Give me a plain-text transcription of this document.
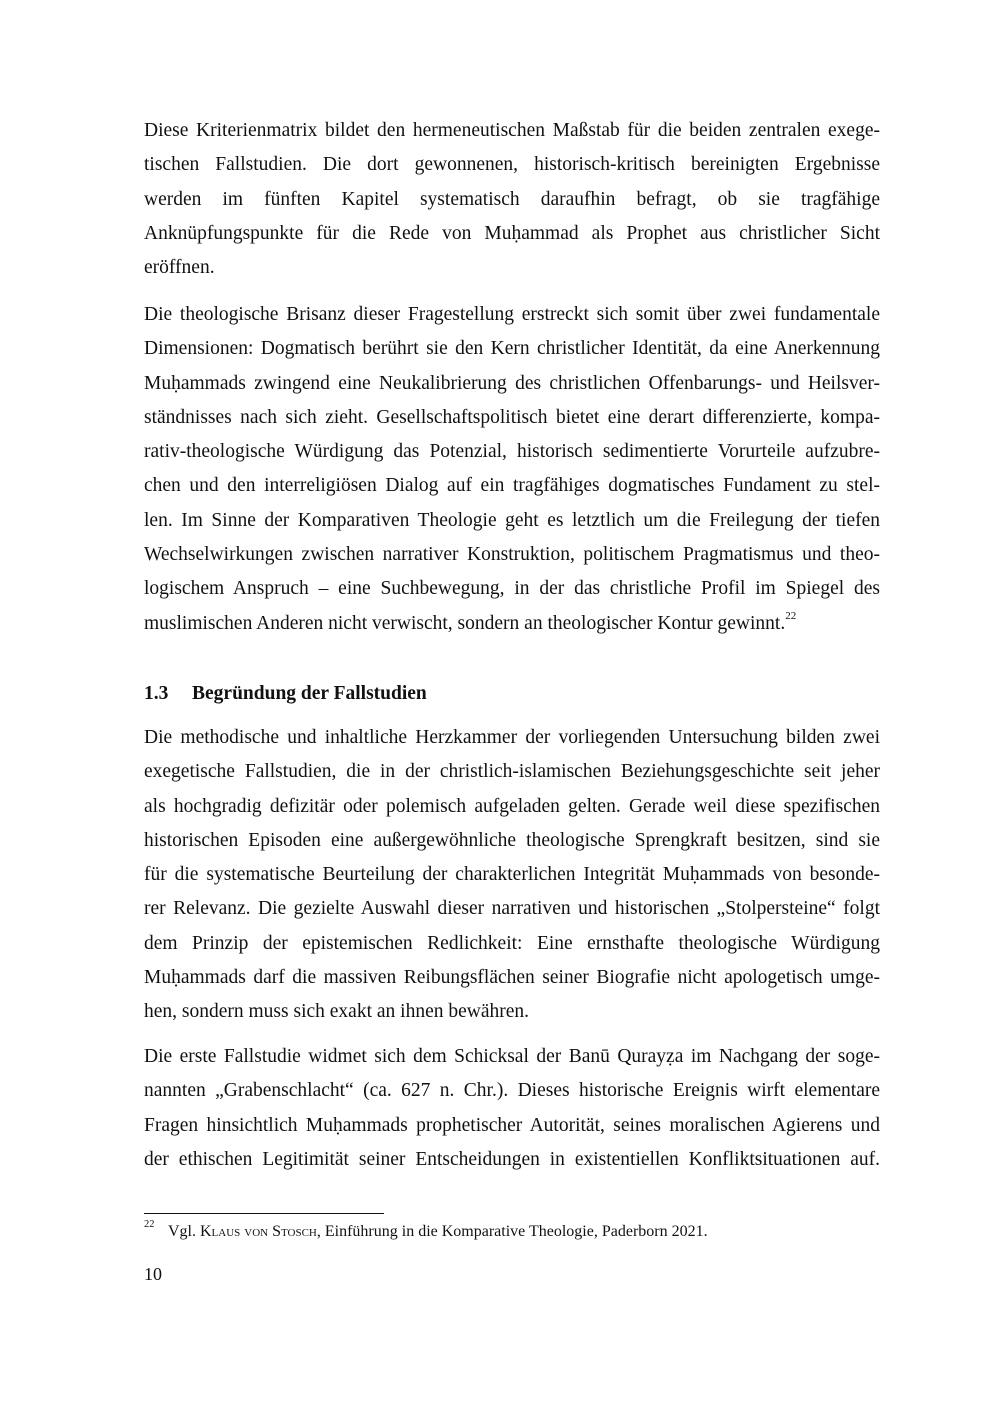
Diese Kriterienmatrix bildet den hermeneutischen Maßstab für die beiden zentralen exege-
tischen Fallstudien. Die dort gewonnenen, historisch-kritisch bereinigten Ergebnisse
werden im fünften Kapitel systematisch daraufhin befragt, ob sie tragfähige
Anknüpfungspunkte für die Rede von Muḥammad als Prophet aus christlicher Sicht
eröffnen.
Die theologische Brisanz dieser Fragestellung erstreckt sich somit über zwei fundamentale
Dimensionen: Dogmatisch berührt sie den Kern christlicher Identität, da eine Anerkennung
Muḥammads zwingend eine Neukalibrierung des christlichen Offenbarungs- und Heilsver-
ständnisses nach sich zieht. Gesellschaftspolitisch bietet eine derart differenzierte, kompa-
rativ-theologische Würdigung das Potenzial, historisch sedimentierte Vorurteile aufzubre-
chen und den interreligiösen Dialog auf ein tragfähiges dogmatisches Fundament zu stel-
len. Im Sinne der Komparativen Theologie geht es letztlich um die Freilegung der tiefen
Wechselwirkungen zwischen narrativer Konstruktion, politischem Pragmatismus und theo-
logischem Anspruch – eine Suchbewegung, in der das christliche Profil im Spiegel des
muslimischen Anderen nicht verwischt, sondern an theologischer Kontur gewinnt.$^{22}$
1.3 Begründung der Fallstudien
Die methodische und inhaltliche Herzkammer der vorliegenden Untersuchung bilden zwei
exegetische Fallstudien, die in der christlich-islamischen Beziehungsgeschichte seit jeher
als hochgradig defizitär oder polemisch aufgeladen gelten. Gerade weil diese spezifischen
historischen Episoden eine außergewöhnliche theologische Sprengkraft besitzen, sind sie
für die systematische Beurteilung der charakterlichen Integrität Muḥammads von besonde-
rer Relevanz. Die gezielte Auswahl dieser narrativen und historischen „Stolpersteine“ folgt
dem Prinzip der epistemischen Redlichkeit: Eine ernsthafte theologische Würdigung
Muḥammads darf die massiven Reibungsflächen seiner Biografie nicht apologetisch umge-
hen, sondern muss sich exakt an ihnen bewähren.
Die erste Fallstudie widmet sich dem Schicksal der Banū Qurayẓa im Nachgang der soge-
nannten „Grabenschlacht“ (ca. 627 n. Chr.). Dieses historische Ereignis wirft elementare
Fragen hinsichtlich Muḥammads prophetischer Autorität, seines moralischen Agierens und
der ethischen Legitimität seiner Entscheidungen in existentiellen Konfliktsituationen auf.
22 Vgl. Klaus von Stosch, Einführung in die Komparative Theologie, Paderborn 2021.
10
